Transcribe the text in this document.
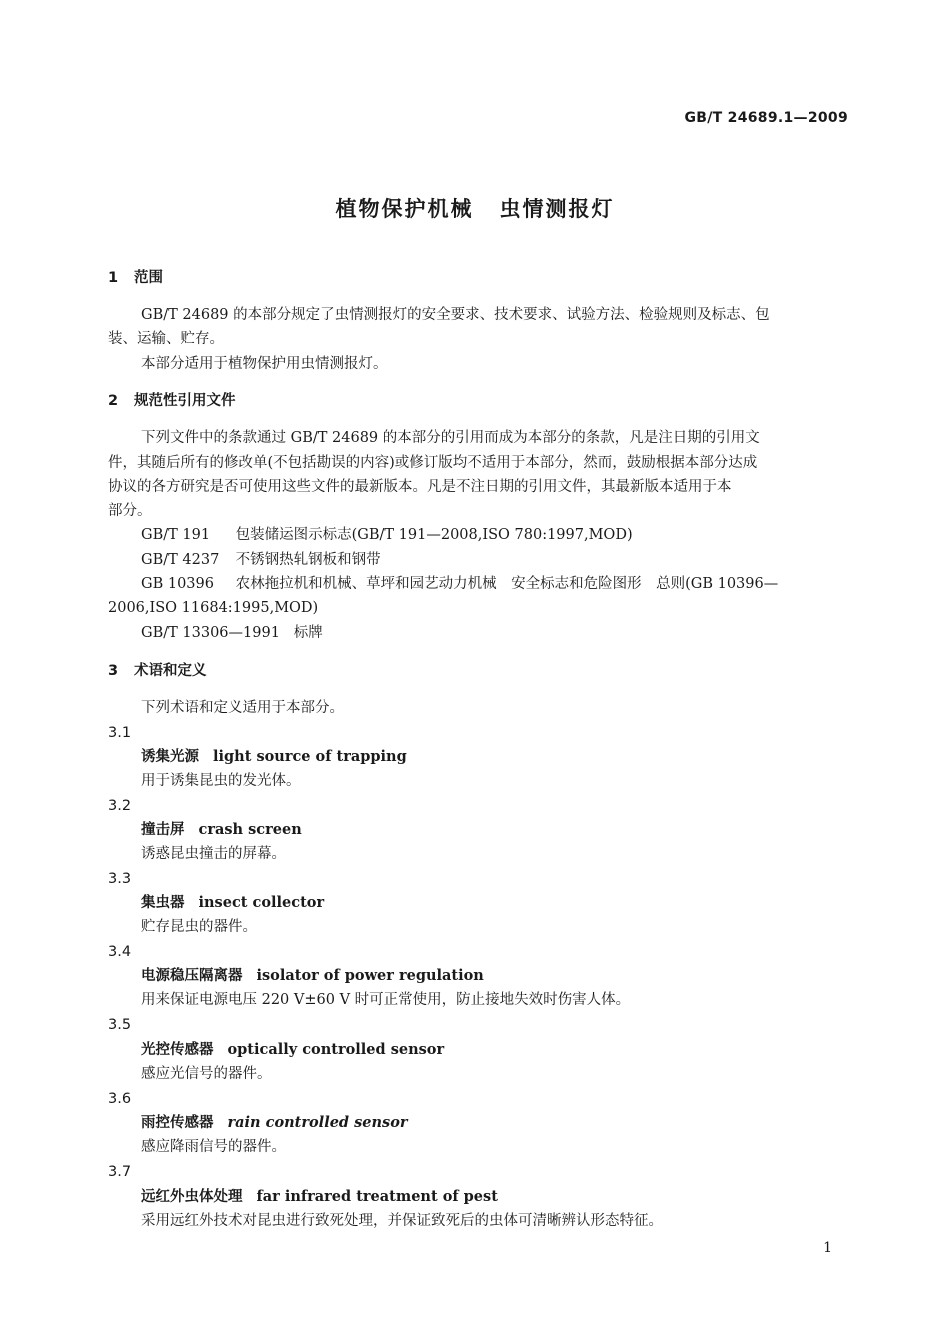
GB/T 24689.1—2009
植物保护机械 虫情测报灯
1 范围
GB/T 24689 的本部分规定了虫情测报灯的安全要求、技术要求、试验方法、检验规则及标志、包
装、运输、贮存。
本部分适用于植物保护用虫情测报灯。
2 规范性引用文件
下列文件中的条款通过 GB/T 24689 的本部分的引用而成为本部分的条款，凡是注日期的引用文
件，其随后所有的修改单(不包括勘误的内容)或修订版均不适用于本部分，然而，鼓励根据本部分达成
协议的各方研究是否可使用这些文件的最新版本。凡是不注日期的引用文件，其最新版本适用于本
部分。
GB/T 191 包装储运图示标志(GB/T 191—2008,ISO 780:1997,MOD)
GB/T 4237 不锈钢热轧钢板和钢带
GB 10396 农林拖拉机和机械、草坪和园艺动力机械　安全标志和危险图形　总则(GB 10396—
2006,ISO 11684:1995,MOD)
GB/T 13306—1991 标牌
3 术语和定义
下列术语和定义适用于本部分。
3.1
诱集光源 light source of trapping
用于诱集昆虫的发光体。
3.2
撞击屏 crash screen
诱惑昆虫撞击的屏幕。
3.3
集虫器 insect collector
贮存昆虫的器件。
3.4
电源稳压隔离器 isolator of power regulation
用来保证电源电压 220 V±60 V 时可正常使用，防止接地失效时伤害人体。
3.5
光控传感器 optically controlled sensor
感应光信号的器件。
3.6
雨控传感器 rain controlled sensor
感应降雨信号的器件。
3.7
远红外虫体处理 far infrared treatment of pest
采用远红外技术对昆虫进行致死处理，并保证致死后的虫体可清晰辨认形态特征。
1
